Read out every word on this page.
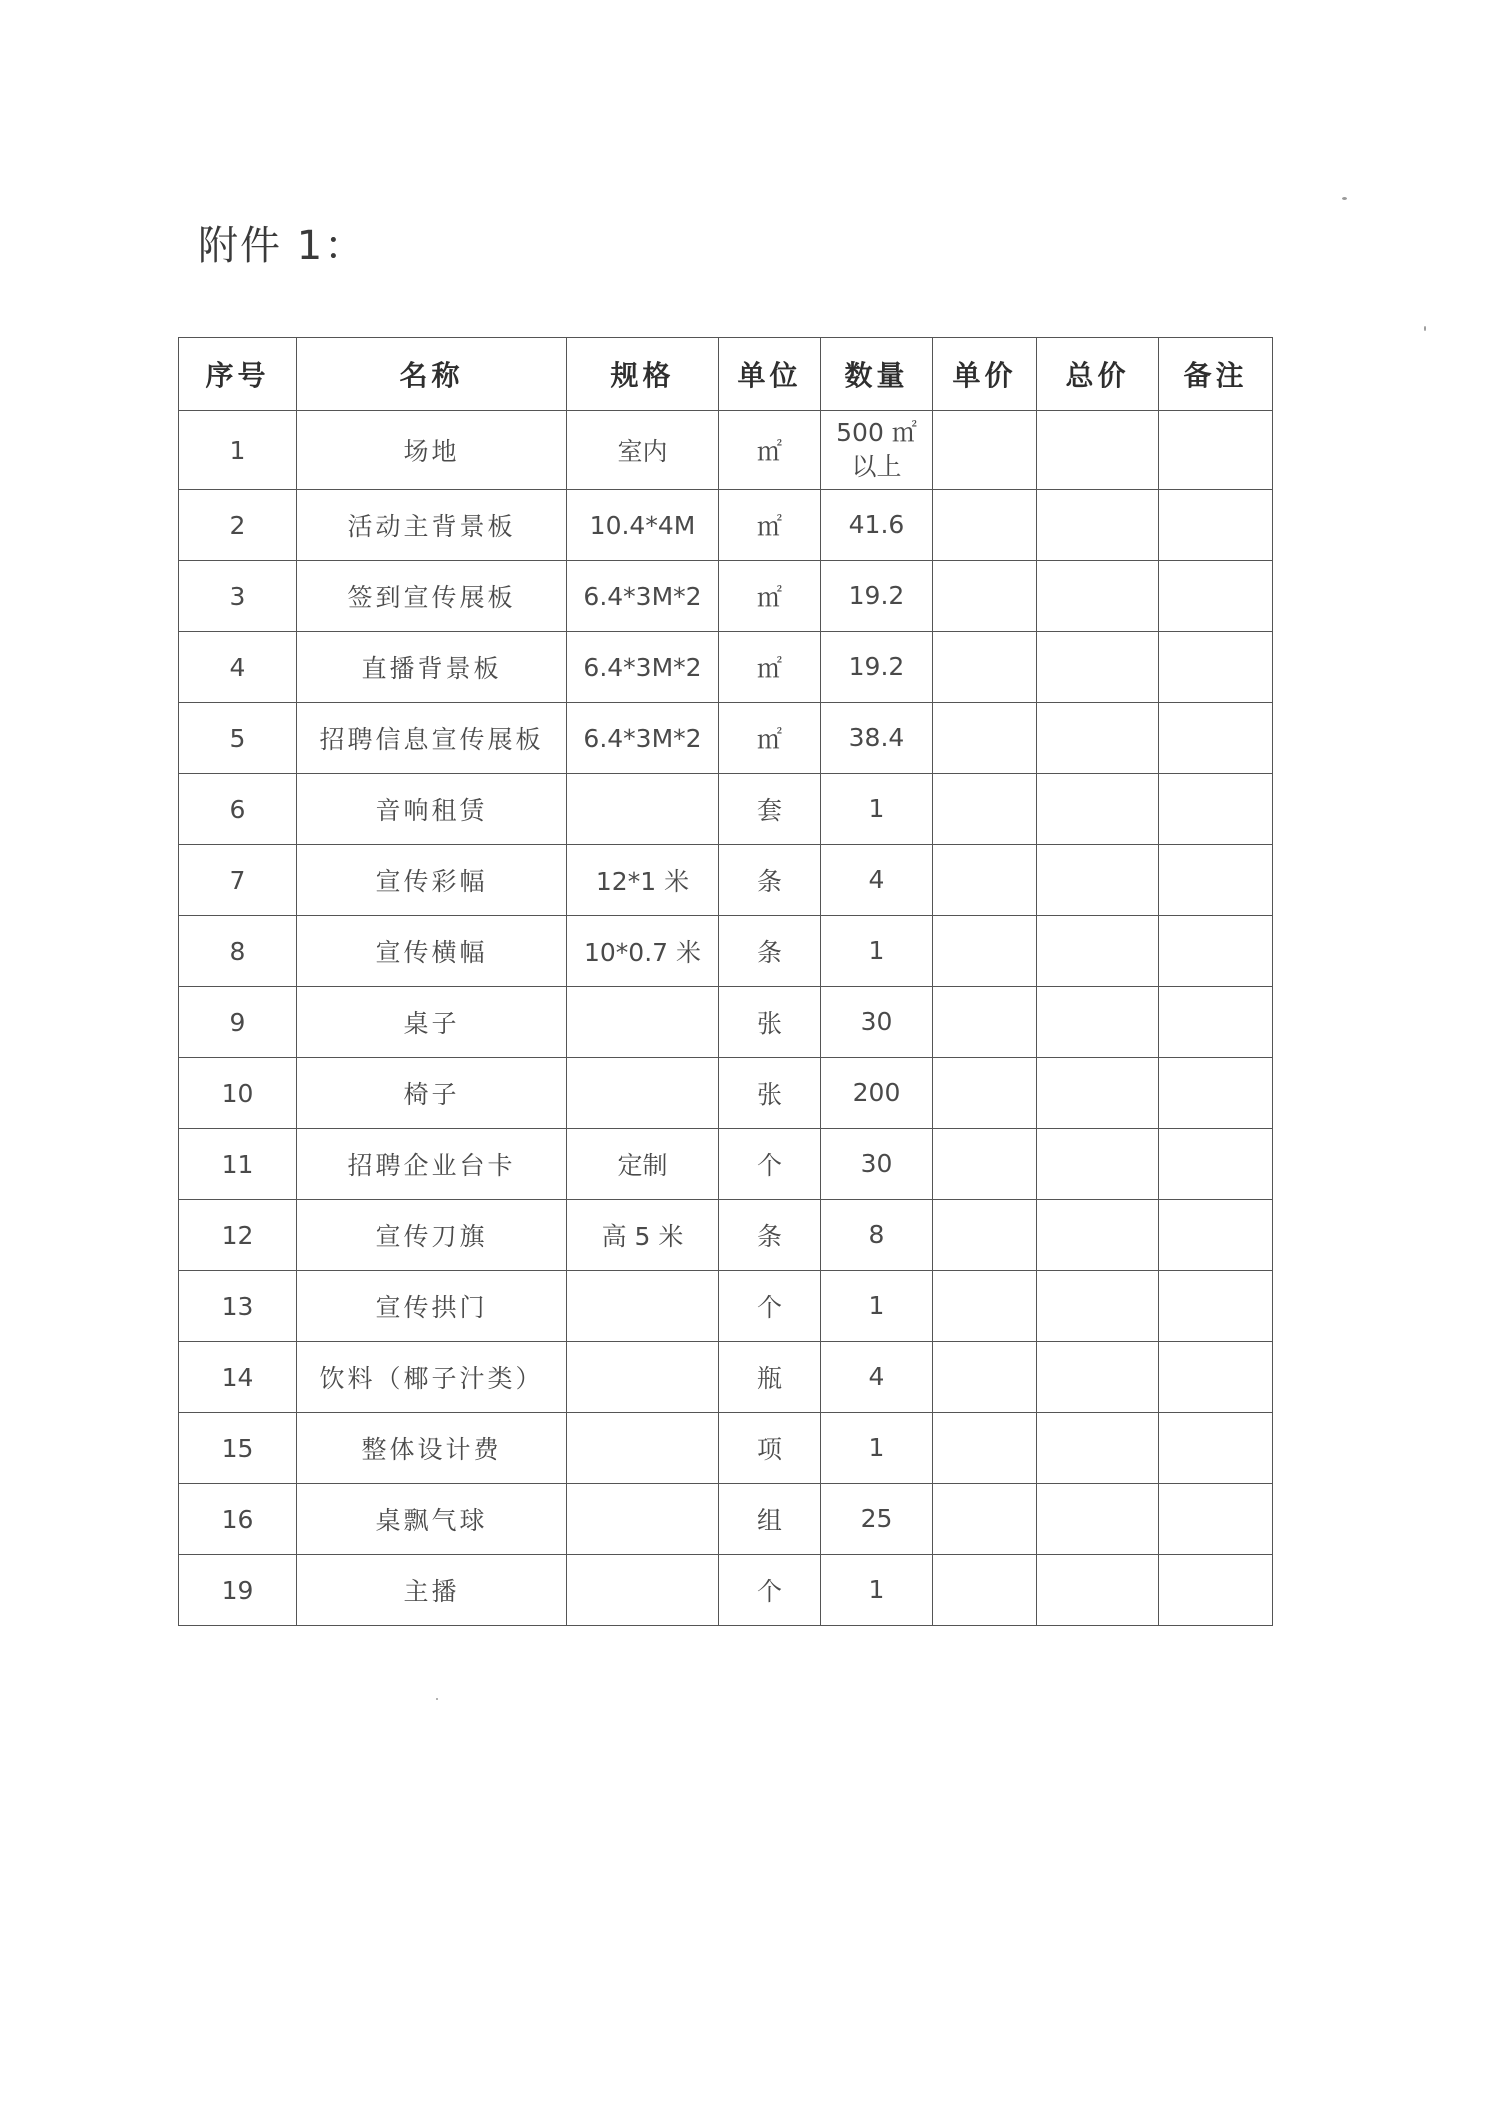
附件 1：
序号	名称	规格	单位	数量	单价	总价	备注
1	场地	室内	㎡	500 ㎡
以上			

2	活动主背景板	10.4*4M	㎡	41.6			

3	签到宣传展板	6.4*3M*2	㎡	19.2			

4	直播背景板	6.4*3M*2	㎡	19.2			

5	招聘信息宣传展板	6.4*3M*2	㎡	38.4			

6	音响租赁		套	1			

7	宣传彩幅	12*1 米	条	4			

8	宣传横幅	10*0.7 米	条	1			

9	桌子		张	30			

10	椅子		张	200			

11	招聘企业台卡	定制	个	30			

12	宣传刀旗	高 5 米	条	8			

13	宣传拱门		个	1			

14	饮料（椰子汁类）		瓶	4			

15	整体设计费		项	1			

16	桌飘气球		组	25			

19	主播		个	1			
